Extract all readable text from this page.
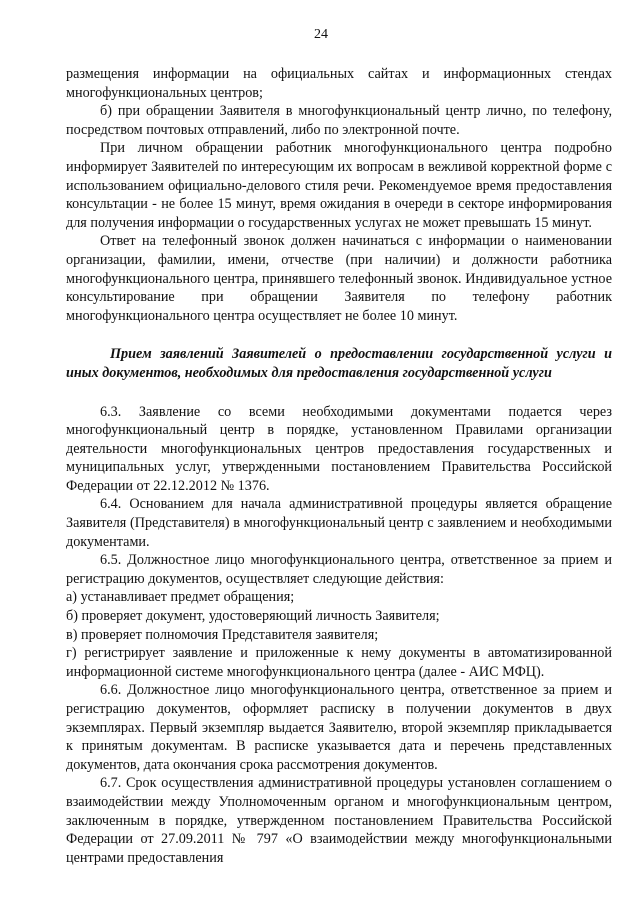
24

размещения информации на официальных сайтах и информационных стендах многофункциональных центров;

б) при обращении Заявителя в многофункциональный центр лично, по телефону, посредством почтовых отправлений, либо по электронной почте.

При личном обращении работник многофункционального центра подробно информирует Заявителей по интересующим их вопросам в вежливой корректной форме с использованием официально-делового стиля речи. Рекомендуемое время предоставления консультации - не более 15 минут, время ожидания в очереди в секторе информирования для получения информации о государственных услугах не может превышать 15 минут.

Ответ на телефонный звонок должен начинаться с информации о наименовании организации, фамилии, имени, отчестве (при наличии) и должности работника многофункционального центра, принявшего телефонный звонок. Индивидуальное устное консультирование при обращении Заявителя по телефону работник многофункционального центра осуществляет не более 10 минут.

Прием заявлений Заявителей о предоставлении государственной услуги и иных документов, необходимых для предоставления государственной услуги

6.3. Заявление со всеми необходимыми документами подается через многофункциональный центр в порядке, установленном Правилами организации деятельности многофункциональных центров предоставления государственных и муниципальных услуг, утвержденными постановлением Правительства Российской Федерации от 22.12.2012 № 1376.

6.4. Основанием для начала административной процедуры является обращение Заявителя (Представителя) в многофункциональный центр с заявлением и необходимыми документами.

6.5. Должностное лицо многофункционального центра, ответственное за прием и регистрацию документов, осуществляет следующие действия:

а) устанавливает предмет обращения;

б) проверяет документ, удостоверяющий личность Заявителя;

в) проверяет полномочия Представителя заявителя;

г) регистрирует заявление и приложенные к нему документы в автоматизированной информационной системе многофункционального центра (далее - АИС МФЦ).

6.6. Должностное лицо многофункционального центра, ответственное за прием и регистрацию документов, оформляет расписку в получении документов в двух экземплярах. Первый экземпляр выдается Заявителю, второй экземпляр прикладывается к принятым документам. В расписке указывается дата и перечень представленных документов, дата окончания срока рассмотрения документов.

6.7. Срок осуществления административной процедуры установлен соглашением о взаимодействии между Уполномоченным органом и многофункциональным центром, заключенным в порядке, утвержденном постановлением Правительства Российской Федерации от 27.09.2011 № 797 «О взаимодействии между многофункциональными центрами предоставления
